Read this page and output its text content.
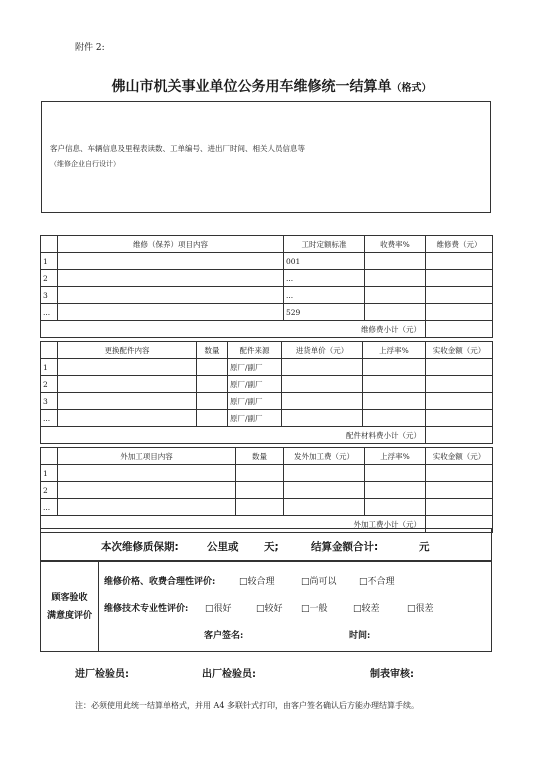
附件 2:
佛山市机关事业单位公务用车维修统一结算单（格式）
客户信息、车辆信息及里程表读数、工单编号、进出厂时间、相关人员信息等
（维修企业自行设计）
	维修（保养）项目内容	工时定额标准	收费率%	维修费（元）
1		001		
2		...		
3		...		
...		529		
维修费小计（元）				
	更换配件内容	数量	配件来源	进货单价（元）	上浮率%	实收金额（元）
1			原厂/副厂			
2			原厂/副厂			
3			原厂/副厂			
...			原厂/副厂			
配件材料费小计（元）						
	外加工项目内容	数量	发外加工费（元）	上浮率%	实收金额（元）
1					
2					
...					
外加工费小计（元）					
本次维修质保期:	公里或 天;	结算金额合计:	元
顾客验收
满意度评价
维修价格、收费合理性评价:	□较合理	□尚可以 □不合理
维修技术专业性评价: □很好	□较好 □一般	□较差	□很差
客户签名:	时间:
进厂检验员:	出厂检验员:	制表审核:
注：必须使用此统一结算单格式，并用 A4 多联针式打印，由客户签名确认后方能办理结算手续。
